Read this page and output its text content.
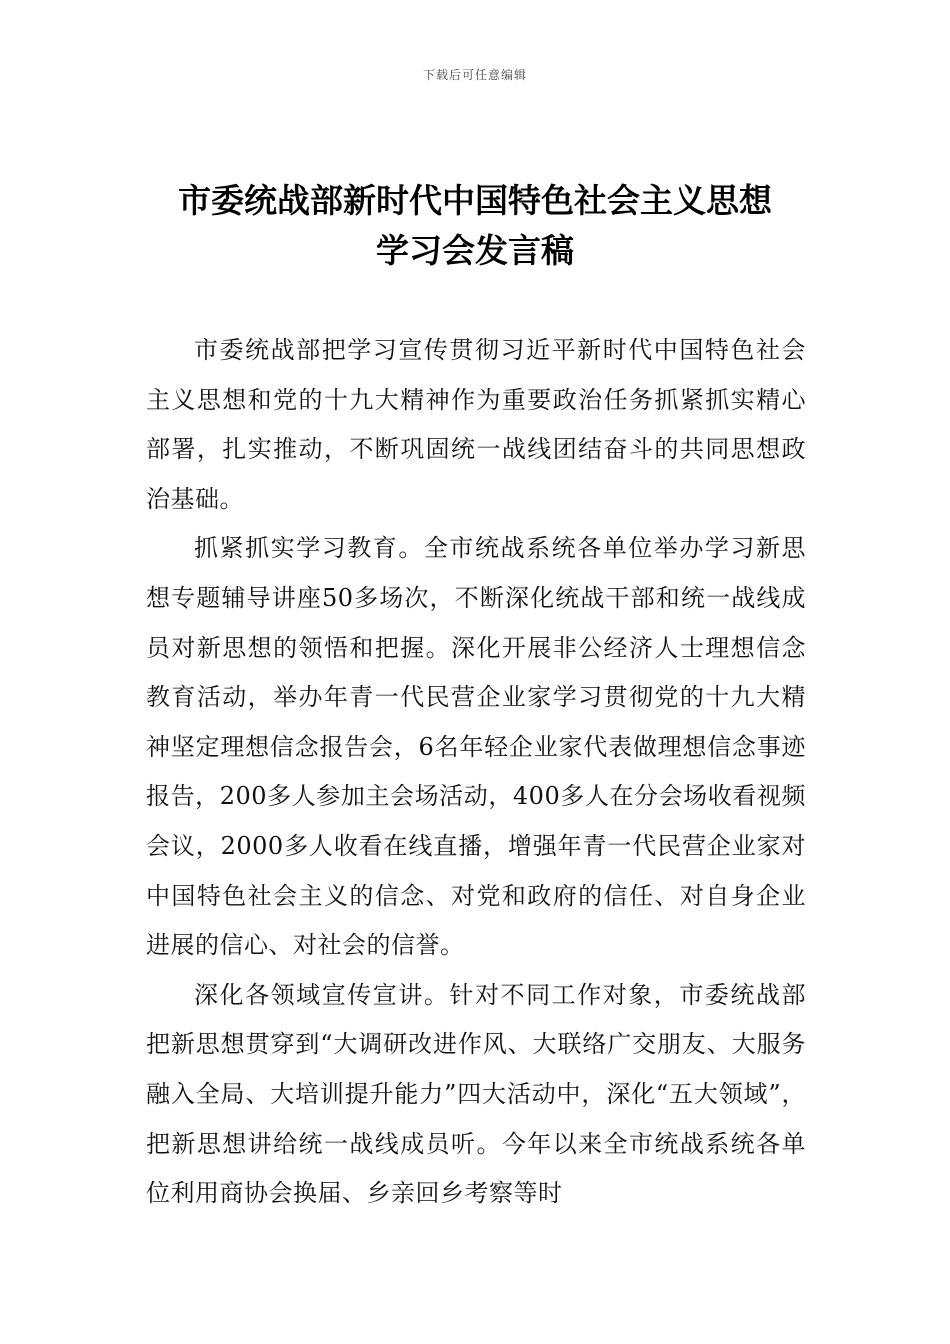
下载后可任意编辑
市委统战部新时代中国特色社会主义思想
学习会发言稿

市委统战部把学习宣传贯彻习近平新时代中国特色社会主义思想和党的十九大精神作为重要政治任务抓紧抓实精心部署，扎实推动，不断巩固统一战线团结奋斗的共同思想政治基础。

抓紧抓实学习教育。全市统战系统各单位举办学习新思想专题辅导讲座50多场次，不断深化统战干部和统一战线成员对新思想的领悟和把握。深化开展非公经济人士理想信念教育活动，举办年青一代民营企业家学习贯彻党的十九大精神坚定理想信念报告会，6名年轻企业家代表做理想信念事迹报告，200多人参加主会场活动，400多人在分会场收看视频会议，2000多人收看在线直播，增强年青一代民营企业家对中国特色社会主义的信念、对党和政府的信任、对自身企业进展的信心、对社会的信誉。

深化各领域宣传宣讲。针对不同工作对象，市委统战部把新思想贯穿到“大调研改进作风、大联络广交朋友、大服务融入全局、大培训提升能力”四大活动中，深化“五大领域”，把新思想讲给统一战线成员听。今年以来全市统战系统各单位利用商协会换届、乡亲回乡考察等时
